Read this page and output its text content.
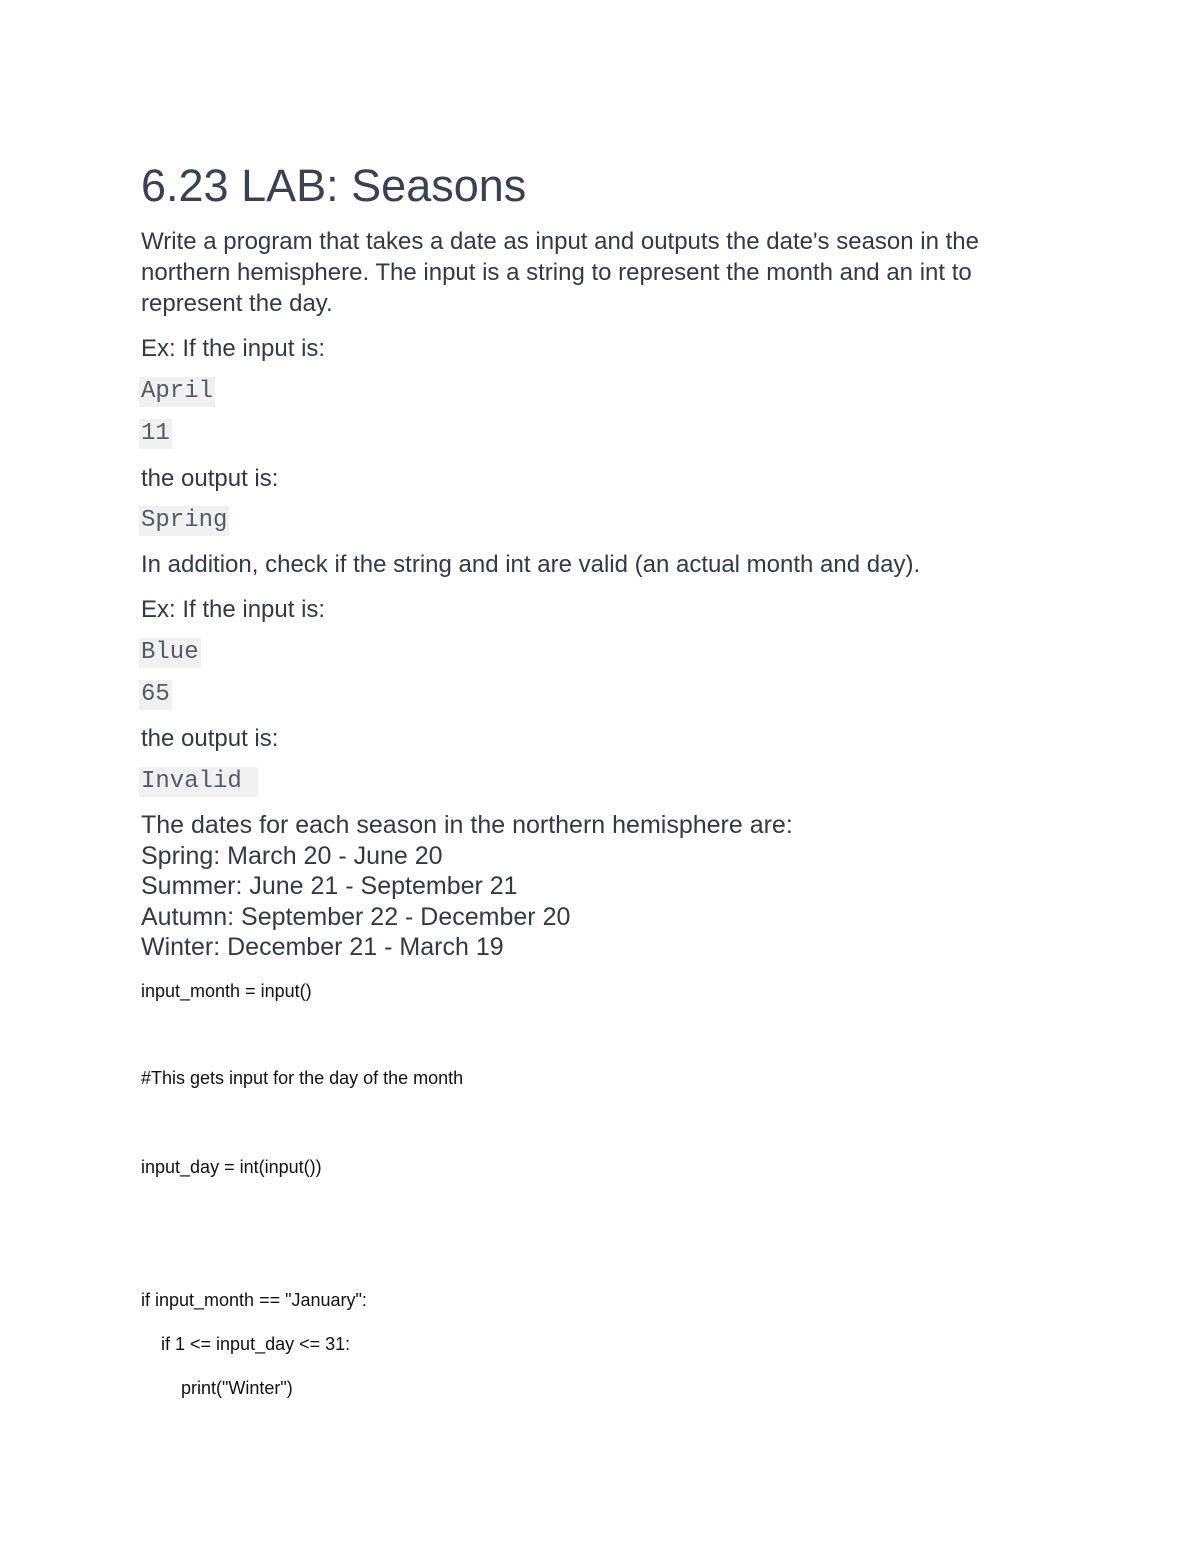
6.23 LAB: Seasons

Write a program that takes a date as input and outputs the date's season in the northern hemisphere. The input is a string to represent the month and an int to represent the day.

Ex: If the input is:

April
11

the output is:

Spring

In addition, check if the string and int are valid (an actual month and day).

Ex: If the input is:

Blue
65

the output is:

Invalid
The dates for each season in the northern hemisphere are:
Spring: March 20 - June 20
Summer: June 21 - September 21
Autumn: September 22 - December 20
Winter: December 21 - March 19
input_month = input()
#This gets input for the day of the month
input_day = int(input())
if input_month == "January":
if 1 <= input_day <= 31:
print("Winter")
